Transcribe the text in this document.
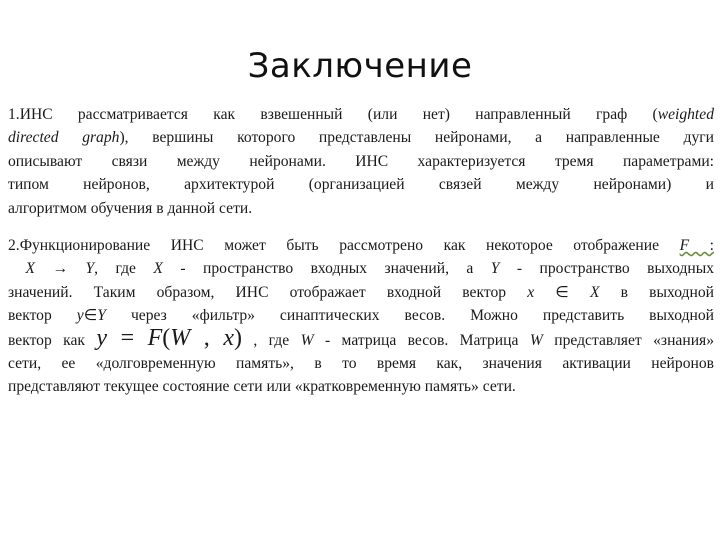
Заключение
1.ИНС рассматривается как взвешенный (или нет) направленный граф (weighted
directed graph), вершины которого представлены нейронами, а направленные дуги
описывают связи между нейронами. ИНС характеризуется тремя параметрами:
типом нейронов, архитектурой (организацией связей между нейронами) и
алгоритмом обучения в данной сети.
2.Функционирование ИНС может быть рассмотрено как некоторое отображение F :
X → Y, где X - пространство входных значений, а Y - пространство выходных
значений. Таким образом, ИНС отображает входной вектор x ∈ X в выходной
вектор y∈Y через «фильтр» синаптических весов. Можно представить выходной
вектор как y = F(W , x) , где W - матрица весов. Матрица W представляет «знания»
сети, ее «долговременную память», в то время как, значения активации нейронов
представляют текущее состояние сети или «кратковременную память» сети.
